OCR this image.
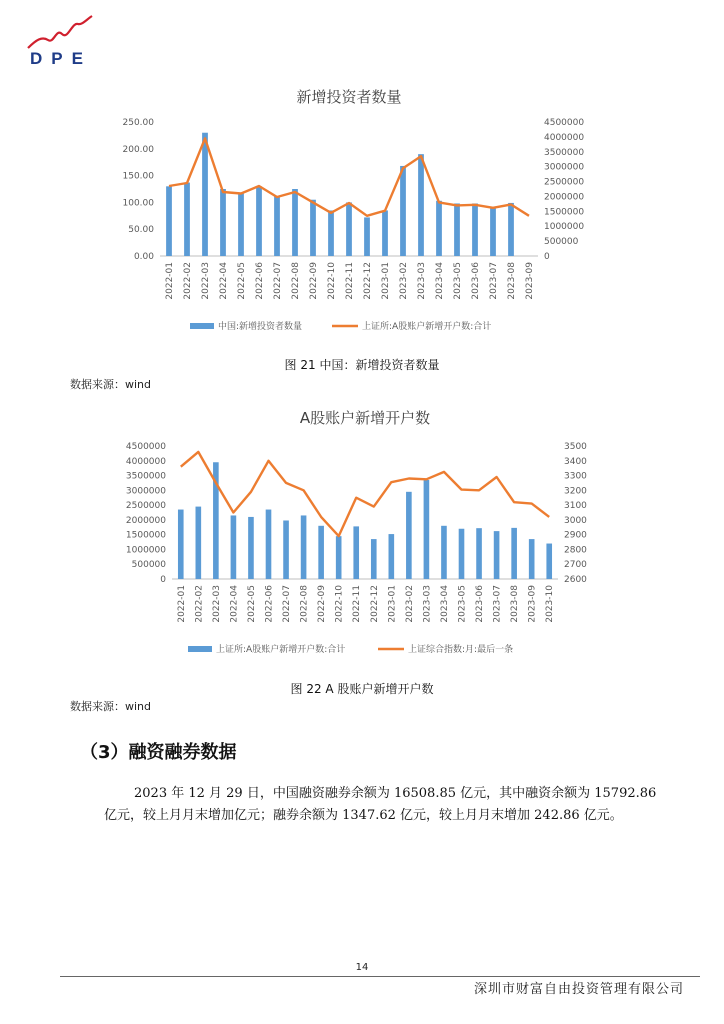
DPE
新增投资者数量
0.00
50.00
100.00
150.00
200.00
250.00
0
500000
1000000
1500000
2000000
2500000
3000000
3500000
4000000
4500000
2022-01 2022-02 2022-03 2022-04 2022-05 2022-06 2022-07 2022-08 2022-09 2022-10 2022-11 2022-12 2023-01 2023-02 2023-03 2023-04 2023-05 2023-06 2023-07 2023-08 2023-09
中国:新增投资者数量	上证所:A股账户新增开户数:合计
图 21 中国：新增投资者数量
数据来源：wind
A股账户新增开户数
0
500000
1000000
1500000
2000000
2500000
3000000
3500000
4000000
4500000
2600
2700
2800
2900
3000
3100
3200
3300
3400
3500
2022-01 2022-02 2022-03 2022-04 2022-05 2022-06 2022-07 2022-08 2022-09 2022-10 2022-11 2022-12 2023-01 2023-02 2023-03 2023-04 2023-05 2023-06 2023-07 2023-08 2023-09 2023-10
上证所:A股账户新增开户数:合计	上证综合指数:月:最后一条
图 22 A 股账户新增开户数
数据来源：wind
（3）融资融券数据
2023 年 12 月 29 日，中国融资融券余额为 16508.85 亿元，其中融资余额为 15792.86 亿元，较上月月末增加亿元；融券余额为 1347.62 亿元，较上月月末增加 242.86 亿元。
14
深圳市财富自由投资管理有限公司
